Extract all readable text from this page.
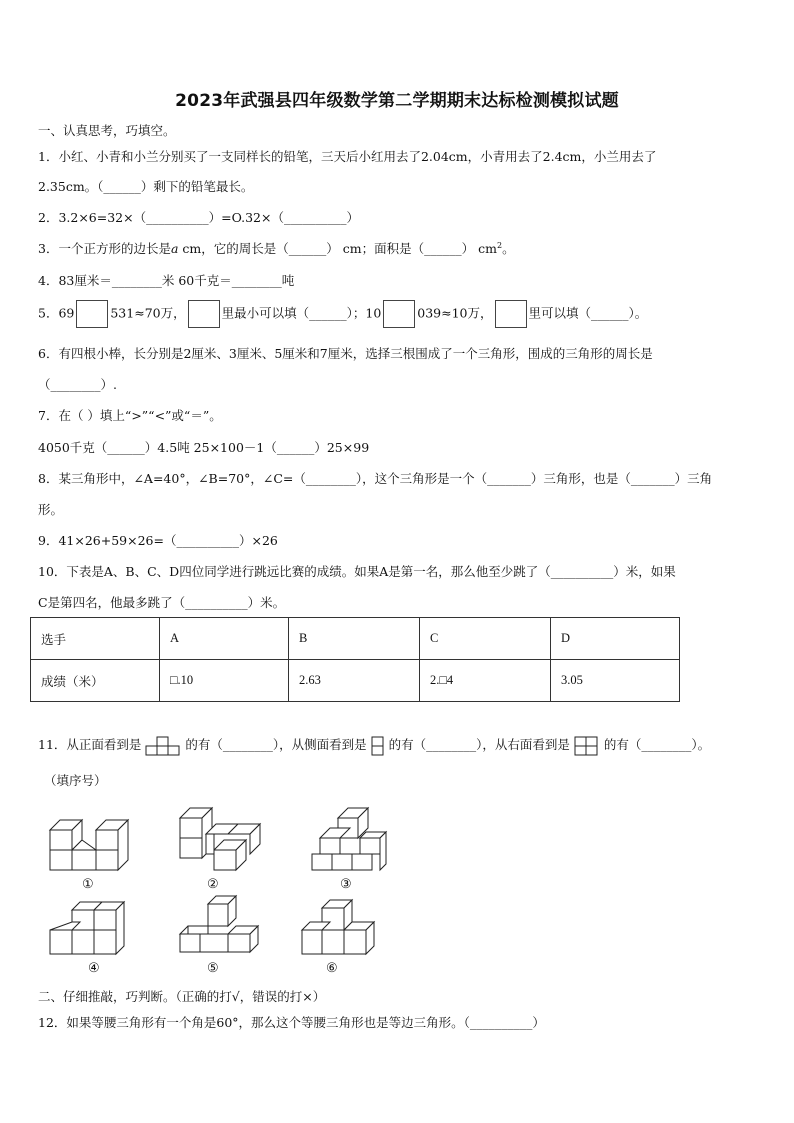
2023年武强县四年级数学第二学期期末达标检测模拟试题
一、认真思考，巧填空。
1．小红、小青和小兰分别买了一支同样长的铅笔，三天后小红用去了2.04cm，小青用去了2.4cm，小兰用去了
2.35cm。（______）剩下的铅笔最长。
2．3.2×6=32×（__________）=O.32×（__________）
3．一个正方形的边长是a cm，它的周长是（______） cm；面积是（______） $cm^2$。
4．83厘米＝________米 60千克＝________吨
5．69	531≈70万，	里最小可以填（______）；10	039≈10万，	里可以填（______）。
6．有四根小棒，长分别是2厘米、3厘米、5厘米和7厘米，选择三根围成了一个三角形，围成的三角形的周长是
（________）.
7．在（ ）填上“>”“<”或“＝”。
4050千克（______）4.5吨 25×100－1（______）25×99
8．某三角形中，∠A=40°，∠B=70°，∠C=（________），这个三角形是一个（_______）三角形，也是（_______）三角
形。
9．41×26+59×26=（__________）×26
10．下表是A、B、C、D四位同学进行跳远比赛的成绩。如果A是第一名，那么他至少跳了（__________）米，如果
C是第四名，他最多跳了（__________）米。
选手	A	B	C	D
成绩（米）	□.10	2.63	2.□4	3.05
11．从正面看到是	的有（________），从侧面看到是 的有（________），从右面看到是	的有（________）。
（填序号）
①	②	③
④	⑤	⑥
二、仔细推敲，巧判断。（正确的打√，错误的打×）
12．如果等腰三角形有一个角是60°，那么这个等腰三角形也是等边三角形。（__________）
